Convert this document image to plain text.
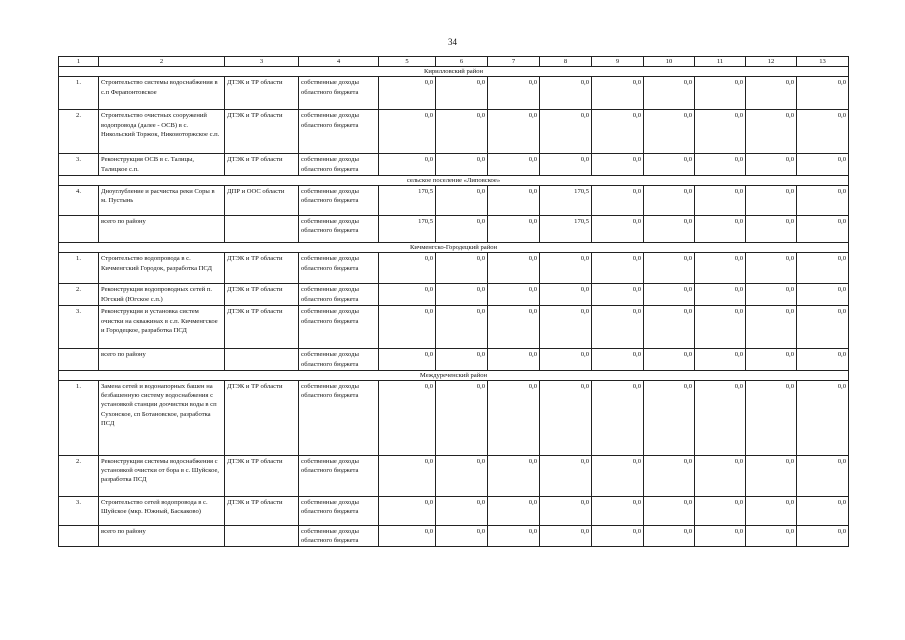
34
1	2	3	4	5	6	7	8	9	10	11	12	13
Кирилловский район												
1.	Строительство системы водоснабжения в с.п Ферапонтовское	ДТЭК и ТР области	собственные доходы областного бюджета	0,0	0,0	0,0	0,0	0,0	0,0	0,0	0,0	0,0
2.	Строительство очистных сооружений водопровода (далее - ОСВ) в с. Никольский Торжок, Никоиоторжское с.п.	ДТЭК и ТР области	собственные доходы областного бюджета	0,0	0,0	0,0	0,0	0,0	0,0	0,0	0,0	0,0
3.	Реконструкция ОСВ в с. Талицы, Талицкое с.п.	ДТЭК и ТР области	собственные доходы областного бюджета	0,0	0,0	0,0	0,0	0,0	0,0	0,0	0,0	0,0
сельское поселение «Липовское»												
4.	Дноуглубление и расчистка реки Соры в м. Пустынь	ДПР и ООС области	собственные доходы областного бюджета	170,5	0,0	0,0	170,5	0,0	0,0	0,0	0,0	0,0
	всего по району		собственные доходы областного бюджета	170,5	0,0	0,0	170,5	0,0	0,0	0,0	0,0	0,0
Кичменгско-Городецкий район												
1.	Строительство водопровода в с. Кичменгский Городок, разработка ПСД	ДТЭК и ТР области	собственные доходы областного бюджета	0,0	0,0	0,0	0,0	0,0	0,0	0,0	0,0	0,0
2.	Реконструкция водопроводных сетей п. Югский (Югское с.п.)	ДТЭК и ТР области	собственные доходы областного бюджета	0,0	0,0	0,0	0,0	0,0	0,0	0,0	0,0	0,0
3.	Реконструкция и установка систем очистки на скважинах в с.п. Кичменгское и Городецкое, разработка ПСД	ДТЭК и ТР области	собственные доходы областного бюджета	0,0	0,0	0,0	0,0	0,0	0,0	0,0	0,0	0,0
	всего по району		собственные доходы областного бюджета	0,0	0,0	0,0	0,0	0,0	0,0	0,0	0,0	0,0
Междуреченский район												
1.	Замена сетей и водонапорных башен на безбашенную систему водоснабжения с установкой станции доочистки воды в сп Сухонское, сп Ботановское, разработка ПСД	ДТЭК и ТР области	собственные доходы областного бюджета	0,0	0,0	0,0	0,0	0,0	0,0	0,0	0,0	0,0
2.	Реконструкция системы водоснабжения с установкой очистки от бора в с. Шуйское, разработка ПСД	ДТЭК и ТР области	собственные доходы областного бюджета	0,0	0,0	0,0	0,0	0,0	0,0	0,0	0,0	0,0
3.	Строительство сетей водопровода в с. Шуйское (мкр. Южный, Баскаково)	ДТЭК и ТР области	собственные доходы областного бюджета	0,0	0,0	0,0	0,0	0,0	0,0	0,0	0,0	0,0
	всего по району		собственные доходы областного бюджета	0,0	0,0	0,0	0,0	0,0	0,0	0,0	0,0	0,0
